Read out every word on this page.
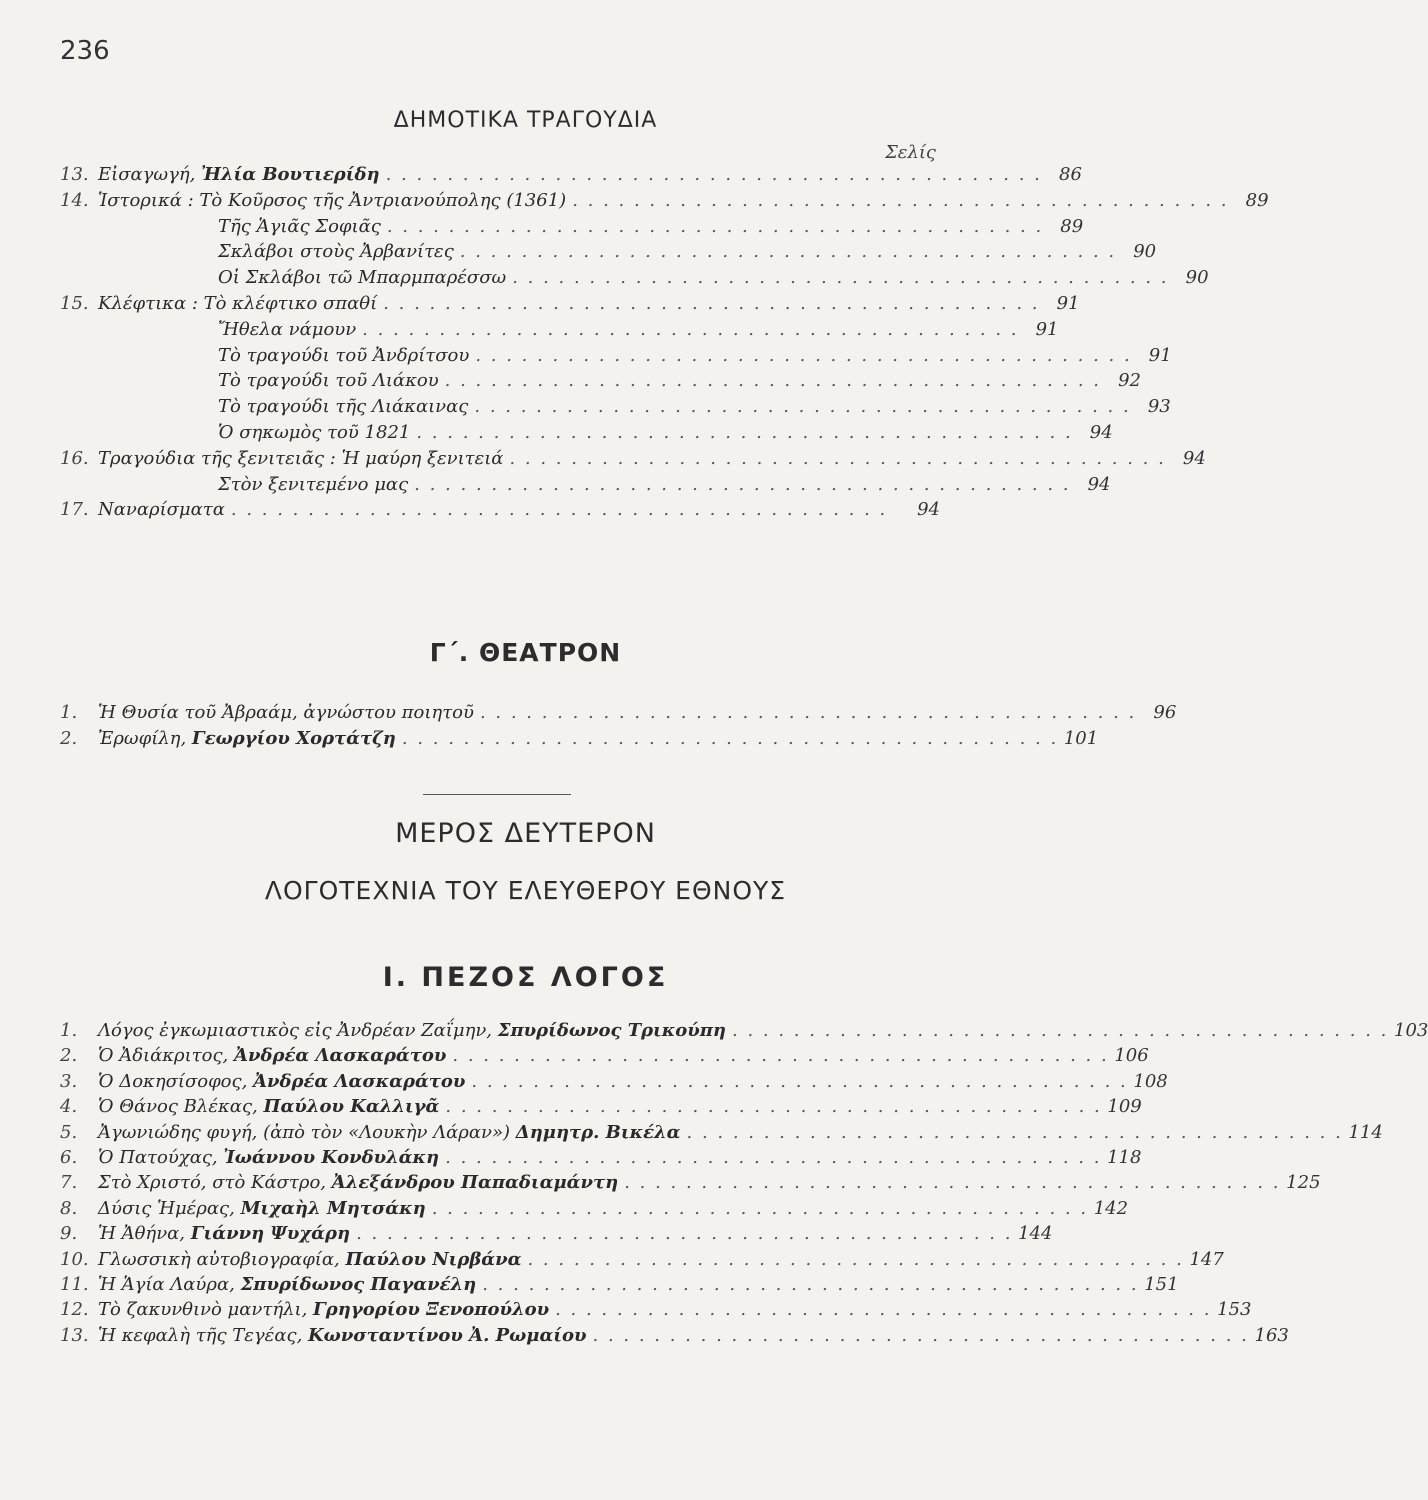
236
ΔΗΜΟΤΙΚΑ ΤΡΑΓΟΥΔΙΑ
Σελίς
13. Εἰσαγωγή, Ἠλία Βουτιερίδη . . .	86
14. Ἱστορικά : Τὸ Κοῦρσος τῆς Ἀντριανούπολης (1361) . . .	89
Τῆς Ἁγιᾶς Σοφιᾶς . . .	89
Σκλάβοι στοὺς Ἀρβανίτες . . .	90
Οἱ Σκλάβοι τῶ Μπαρμπαρέσσω . . .	90
15. Κλέφτικα : Τὸ κλέφτικο σπαθί . . .	91
Ἤθελα νάμουν . . .	91
Τὸ τραγούδι τοῦ Ἀνδρίτσου . . .	91
Τὸ τραγούδι τοῦ Λιάκου . . .	92
Τὸ τραγούδι τῆς Λιάκαινας . . .	93
Ὁ σηκωμὸς τοῦ 1821 . . .	94
16. Τραγούδια τῆς ξενιτειᾶς : Ἡ μαύρη ξενιτειά . . .	94
Στὸν ξενιτεμένο μας . . .	94
17. Ναναρίσματα . . .	94
Γ΄. ΘΕΑΤΡΟΝ
1.	Ἡ Θυσία τοῦ Ἀβραάμ, ἀγνώστου ποιητοῦ . . .	96
2.	Ἐρωφίλη, Γεωργίου Χορτάτζη . . .	101
ΜΕΡΟΣ ΔΕΥΤΕΡΟΝ
ΛΟΓΟΤΕΧΝΙΑ ΤΟΥ ΕΛΕΥΘΕΡΟΥ ΕΘΝΟΥΣ
Ι. ΠΕΖΟΣ ΛΟΓΟΣ
1.	Λόγος ἐγκωμιαστικὸς εἰς Ἀνδρέαν Ζαΐμην, Σπυρίδωνος Τρικούπη . . .	103
2.	Ὁ Ἀδιάκριτος, Ἀνδρέα Λασκαράτου . . .	106
3.	Ὁ Δοκησίσοφος, Ἀνδρέα Λασκαράτου . . .	108
4.	Ὁ Θάνος Βλέκας, Παύλου Καλλιγᾶ . . .	109
5.	Ἀγωνιώδης φυγή, (ἀπὸ τὸν «Λουκὴν Λάραν») Δημητρ. Βικέλα . . .	114
6.	Ὁ Πατούχας, Ἰωάννου Κονδυλάκη . . .	118
7.	Στὸ Χριστό, στὸ Κάστρο, Ἀλεξάνδρου Παπαδιαμάντη . . .	125
8.	Δύσις Ἡμέρας, Μιχαὴλ Μητσάκη . . .	142
9.	Ἡ Ἀθήνα, Γιάννη Ψυχάρη . . .	144
10. Γλωσσικὴ αὐτοβιογραφία, Παύλου Νιρβάνα . . .	147
11. Ἡ Ἁγία Λαύρα, Σπυρίδωνος Παγανέλη . . .	151
12. Τὸ ζακυνθινὸ μαντήλι, Γρηγορίου Ξενοπούλου . . .	153
13. Ἡ κεφαλὴ τῆς Τεγέας, Κωνσταντίνου Ἀ. Ρωμαίου . . .	163
